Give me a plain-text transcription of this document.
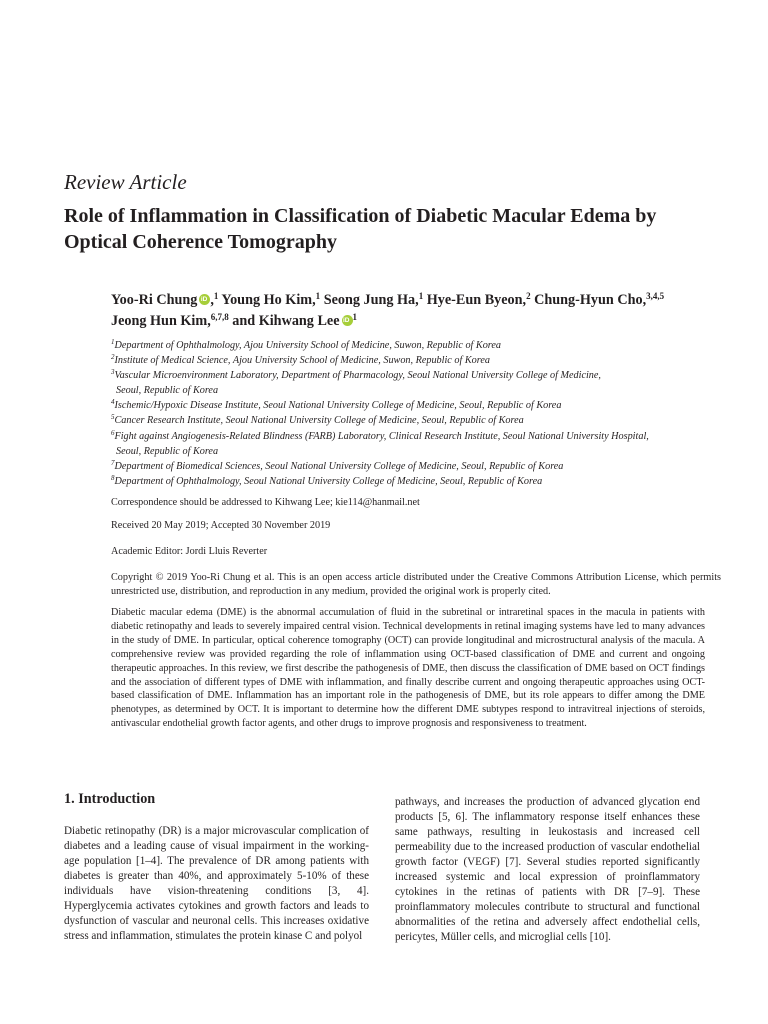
Review Article
Role of Inflammation in Classification of Diabetic Macular Edema by Optical Coherence Tomography
Yoo-Ri Chung iD ,$^1$ Young Ho Kim,$^1$ Seong Jung Ha,$^1$ Hye-Eun Byeon,$^2$ Chung-Hyun Cho,$^{3,4,5}$
Jeong Hun Kim,$^{6,7,8}$ and Kihwang Lee iD $^1$

$^1$Department of Ophthalmology, Ajou University School of Medicine, Suwon, Republic of Korea

$^2$Institute of Medical Science, Ajou University School of Medicine, Suwon, Republic of Korea

$^3$Vascular Microenvironment Laboratory, Department of Pharmacology, Seoul National University College of Medicine,

Seoul, Republic of Korea

$^4$Ischemic/Hypoxic Disease Institute, Seoul National University College of Medicine, Seoul, Republic of Korea

$^5$Cancer Research Institute, Seoul National University College of Medicine, Seoul, Republic of Korea

$^6$Fight against Angiogenesis-Related Blindness (FARB) Laboratory, Clinical Research Institute, Seoul National University Hospital,

Seoul, Republic of Korea

$^7$Department of Biomedical Sciences, Seoul National University College of Medicine, Seoul, Republic of Korea

$^8$Department of Ophthalmology, Seoul National University College of Medicine, Seoul, Republic of Korea

Correspondence should be addressed to Kihwang Lee; kie114@hanmail.net
Received 20 May 2019; Accepted 30 November 2019
Academic Editor: Jordi Lluis Reverter
Copyright © 2019 Yoo-Ri Chung et al. This is an open access article distributed under the Creative Commons Attribution License, which permits unrestricted use, distribution, and reproduction in any medium, provided the original work is properly cited.
Diabetic macular edema (DME) is the abnormal accumulation of fluid in the subretinal or intraretinal spaces in the macula in patients with diabetic retinopathy and leads to severely impaired central vision. Technical developments in retinal imaging systems have led to many advances in the study of DME. In particular, optical coherence tomography (OCT) can provide longitudinal and microstructural analysis of the macula. A comprehensive review was provided regarding the role of inflammation using OCT-based classification of DME and current and ongoing therapeutic approaches. In this review, we first describe the pathogenesis of DME, then discuss the classification of DME based on OCT findings and the association of different types of DME with inflammation, and finally describe current and ongoing therapeutic approaches using OCT-based classification of DME. Inflammation has an important role in the pathogenesis of DME, but its role appears to differ among the DME phenotypes, as determined by OCT. It is important to determine how the different DME subtypes respond to intravitreal injections of steroids, antivascular endothelial growth factor agents, and other drugs to improve prognosis and responsiveness to treatment.
1. Introduction

Diabetic retinopathy (DR) is a major microvascular complication of diabetes and a leading cause of visual impairment in the working-age population [1–4]. The prevalence of DR among patients with diabetes is greater than 40%, and approximately 5-10% of these individuals have vision-threatening conditions [3, 4]. Hyperglycemia activates cytokines and growth factors and leads to dysfunction of vascular and neuronal cells. This increases oxidative stress and inflammation, stimulates the protein kinase C and polyol

pathways, and increases the production of advanced glycation end products [5, 6]. The inflammatory response itself enhances these same pathways, resulting in leukostasis and increased cell permeability due to the increased production of vascular endothelial growth factor (VEGF) [7]. Several studies reported significantly increased systemic and local expression of proinflammatory cytokines in the retinas of patients with DR [7–9]. These proinflammatory molecules contribute to structural and functional abnormalities of the retina and adversely affect endothelial cells, pericytes, Müller cells, and microglial cells [10].
